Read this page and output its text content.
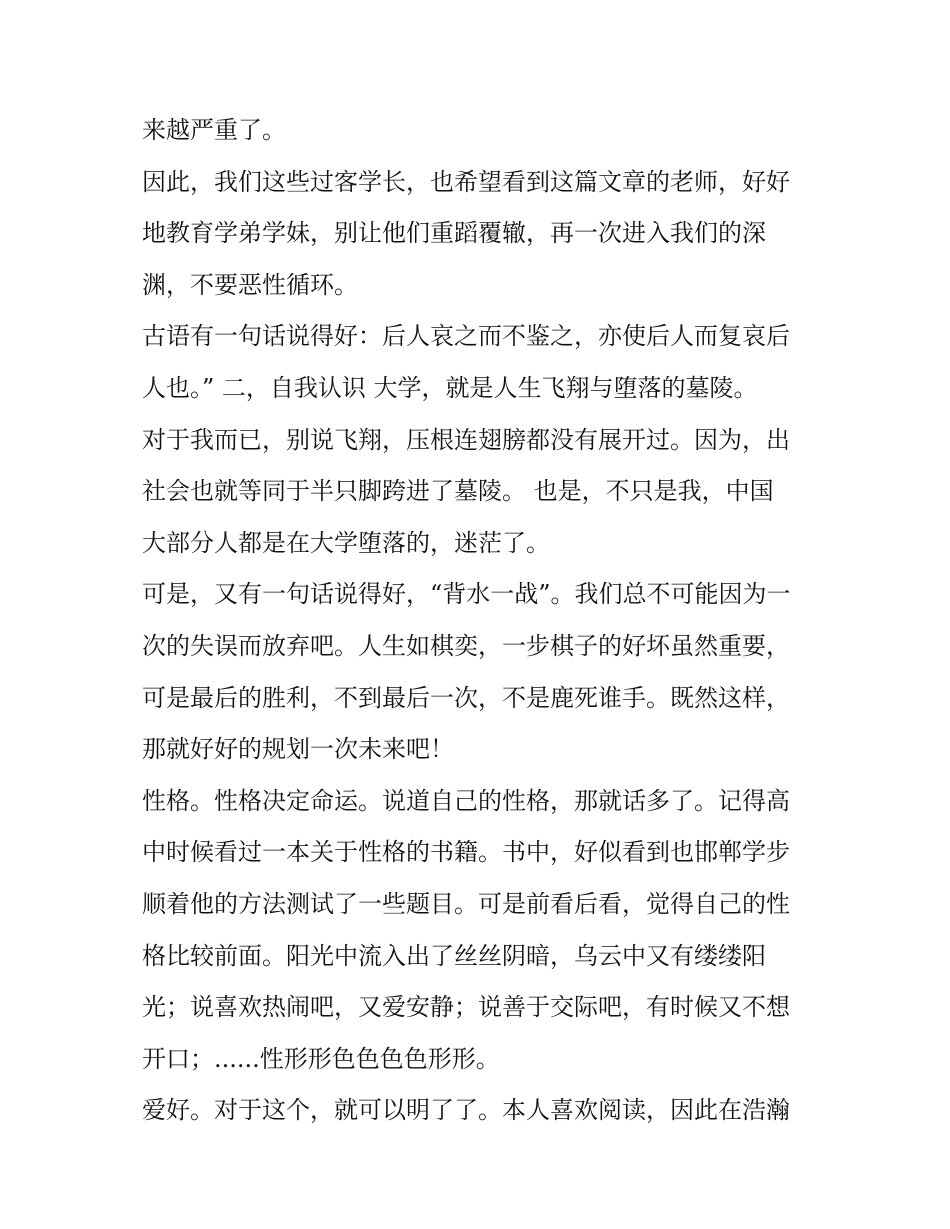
来越严重了。
因此，我们这些过客学长，也希望看到这篇文章的老师，好好
地教育学弟学妹，别让他们重蹈覆辙，再一次进入我们的深
渊，不要恶性循环。
古语有一句话说得好：后人哀之而不鉴之，亦使后人而复哀后
人也。” 二，自我认识 大学，就是人生飞翔与堕落的墓陵。
对于我而已，别说飞翔，压根连翅膀都没有展开过。因为，出
社会也就等同于半只脚跨进了墓陵。 也是，不只是我，中国
大部分人都是在大学堕落的，迷茫了。
可是，又有一句话说得好，“背水一战”。我们总不可能因为一
次的失误而放弃吧。人生如棋奕，一步棋子的好坏虽然重要，
可是最后的胜利，不到最后一次，不是鹿死谁手。既然这样，
那就好好的规划一次未来吧！
性格。性格决定命运。说道自己的性格，那就话多了。记得高
中时候看过一本关于性格的书籍。书中，好似看到也邯郸学步
顺着他的方法测试了一些题目。可是前看后看，觉得自己的性
格比较前面。阳光中流入出了丝丝阴暗，乌云中又有缕缕阳
光；说喜欢热闹吧，又爱安静；说善于交际吧，有时候又不想
开口；......性形形色色色色形形。
爱好。对于这个，就可以明了了。本人喜欢阅读，因此在浩瀚
